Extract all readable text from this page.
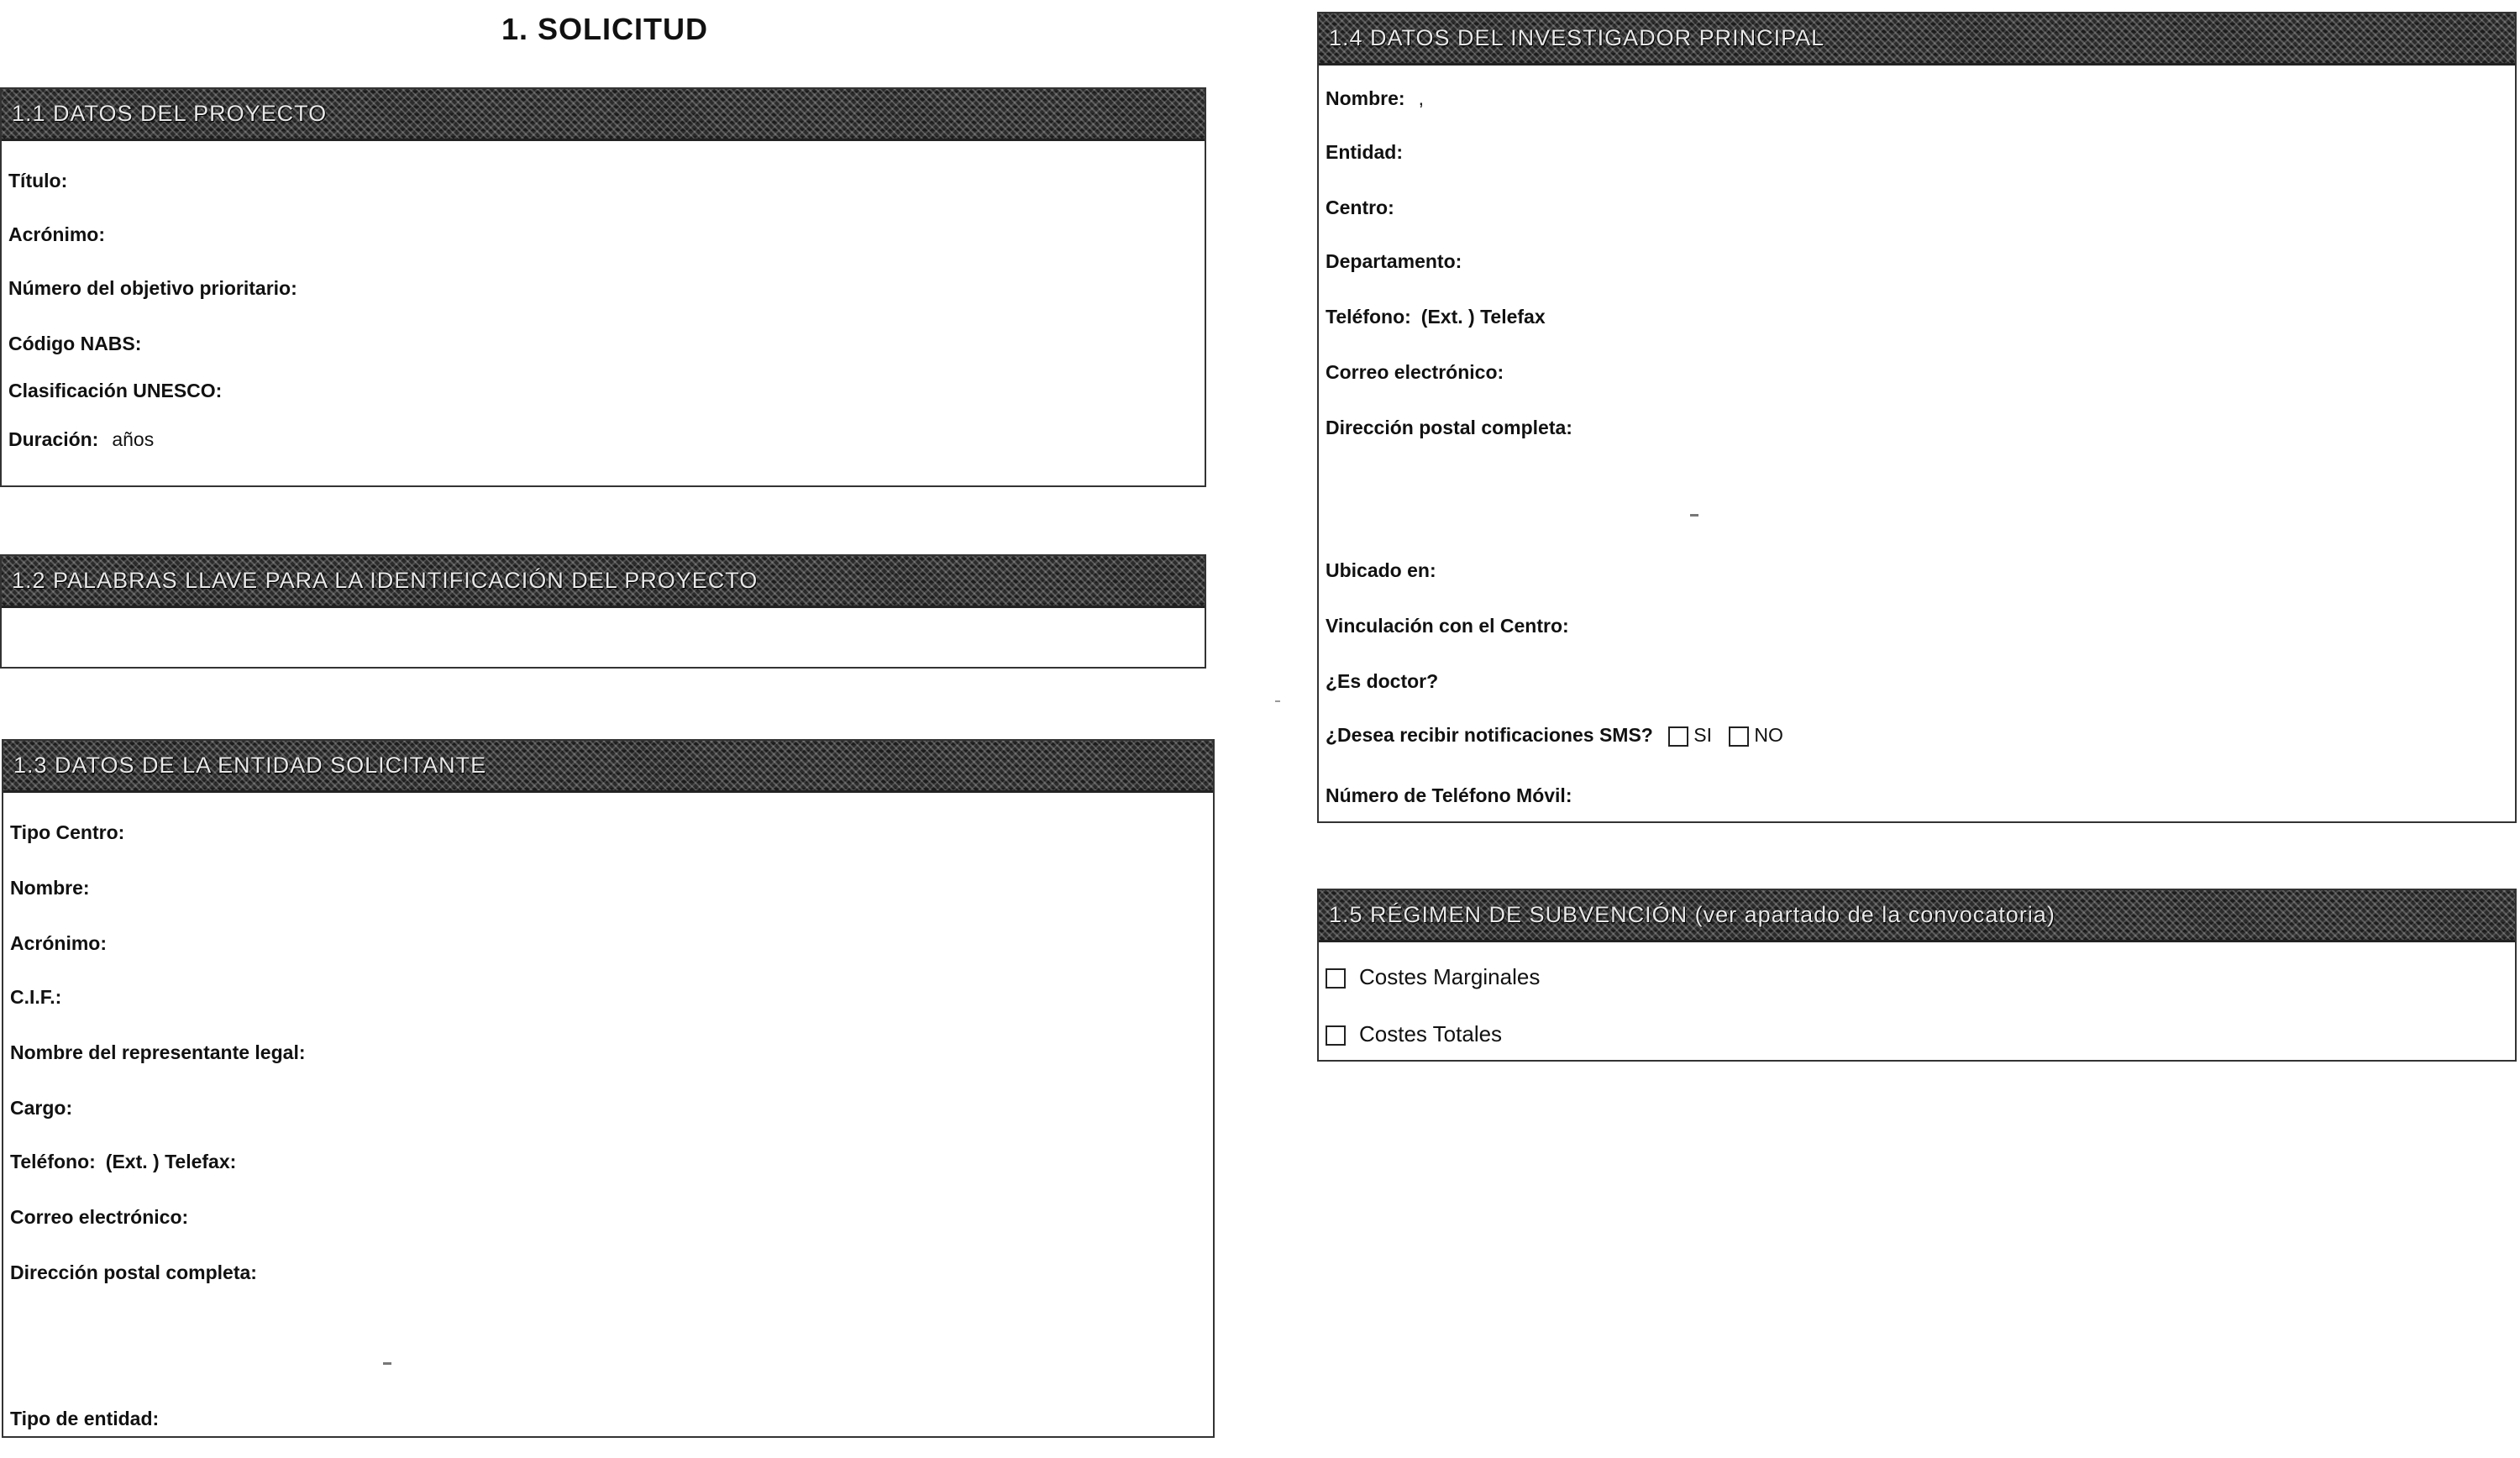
1. SOLICITUD
1.1 DATOS DEL PROYECTO
Título:
Acrónimo:
Número del objetivo prioritario:
Código NABS:
Clasificación UNESCO:
Duración: años
1.2 PALABRAS LLAVE PARA LA IDENTIFICACIÓN DEL PROYECTO
1.3 DATOS DE LA ENTIDAD SOLICITANTE
Tipo Centro:
Nombre:
Acrónimo:
C.I.F.:
Nombre del representante legal:
Cargo:
Teléfono: (Ext. ) Telefax:
Correo electrónico:
Dirección postal completa:
Tipo de entidad:
1.4 DATOS DEL INVESTIGADOR PRINCIPAL
Nombre: ,
Entidad:
Centro:
Departamento:
Teléfono: (Ext. ) Telefax
Correo electrónico:
Dirección postal completa:
Ubicado en:
Vinculación con el Centro:
¿Es doctor?
¿Desea recibir notificaciones SMS? SI NO
Número de Teléfono Móvil:
1.5 RÉGIMEN DE SUBVENCIÓN (ver apartado de la convocatoria)
Costes Marginales
Costes Totales
